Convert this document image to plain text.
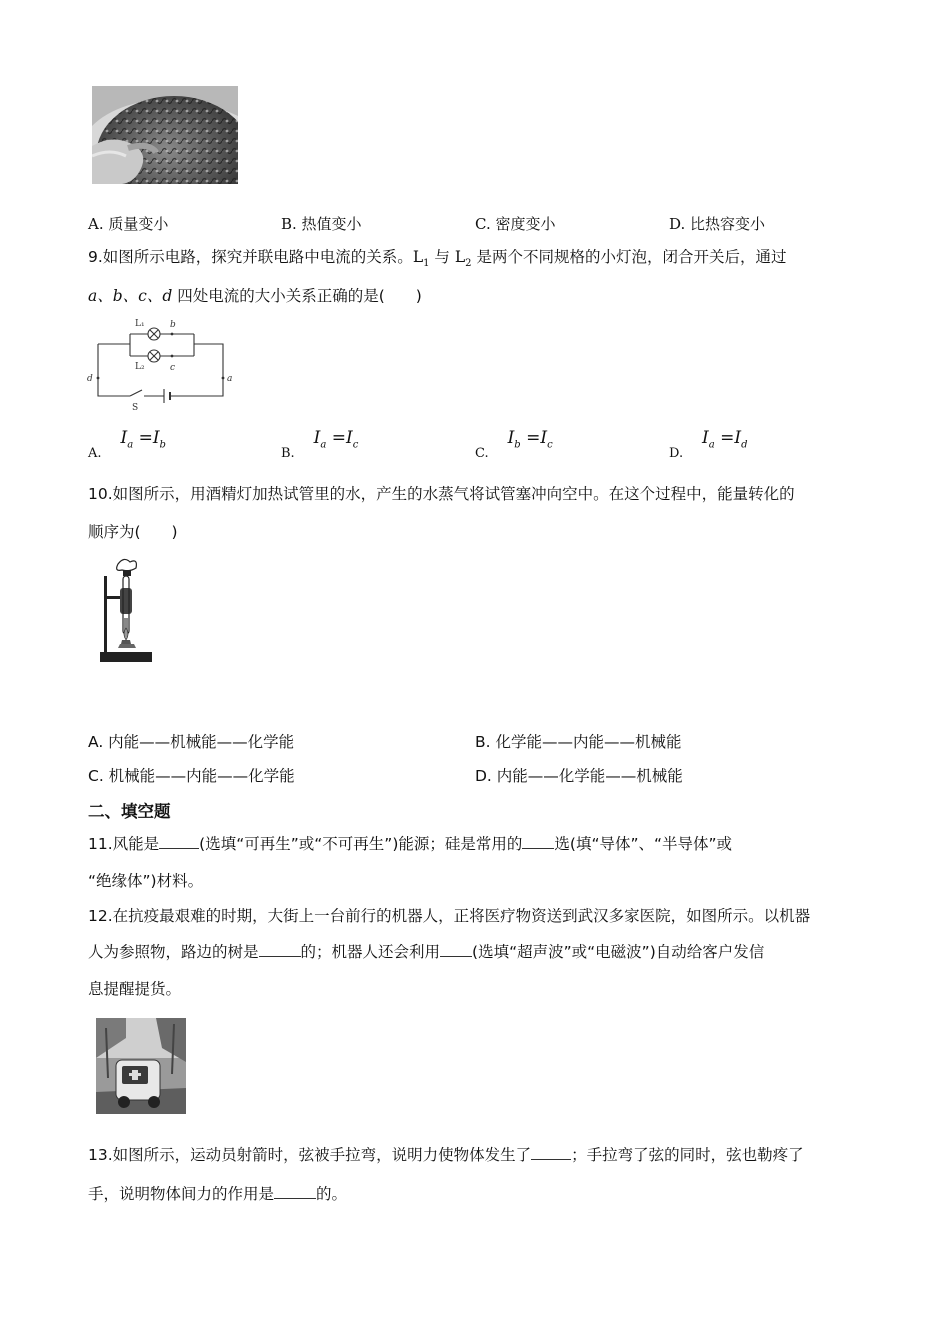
A. 质量变小	B. 热值变小	C. 密度变小	D. 比热容变小
9.如图所示电路，探究并联电路中电流的关系。$L_1$ 与 $L_2$ 是两个不同规格的小灯泡，闭合开关后，通过
a、b、c、d 四处电流的大小关系正确的是(　　)
L₁
L₂
b
c
d	a
S
$_{A.}$ $I_a =I_b$
$_{B.}$ $I_a =I_c$
$_{C.}$ $I_b =I_c$
$_{D.}$ $I_a =I_d$
10.如图所示，用酒精灯加热试管里的水，产生的水蒸气将试管塞冲向空中。在这个过程中，能量转化的
顺序为(　　)
A. 内能——机械能——化学能	B. 化学能——内能——机械能
C. 机械能——内能——化学能	D. 内能——化学能——机械能
二、填空题
11.风能是	(选填“可再生”或“不可再生”)能源；硅是常用的 选(填“导体”、“半导体”或
“绝缘体”)材料。
12.在抗疫最艰难的时期，大街上一台前行的机器人，正将医疗物资送到武汉多家医院，如图所示。以机器
人为参照物，路边的树是	的；机器人还会利用 (选填“超声波”或“电磁波”)自动给客户发信
息提醒提货。
13.如图所示，运动员射箭时，弦被手拉弯，说明力使物体发生了	；手拉弯了弦的同时，弦也勒疼了
手，说明物体间力的作用是	的。
